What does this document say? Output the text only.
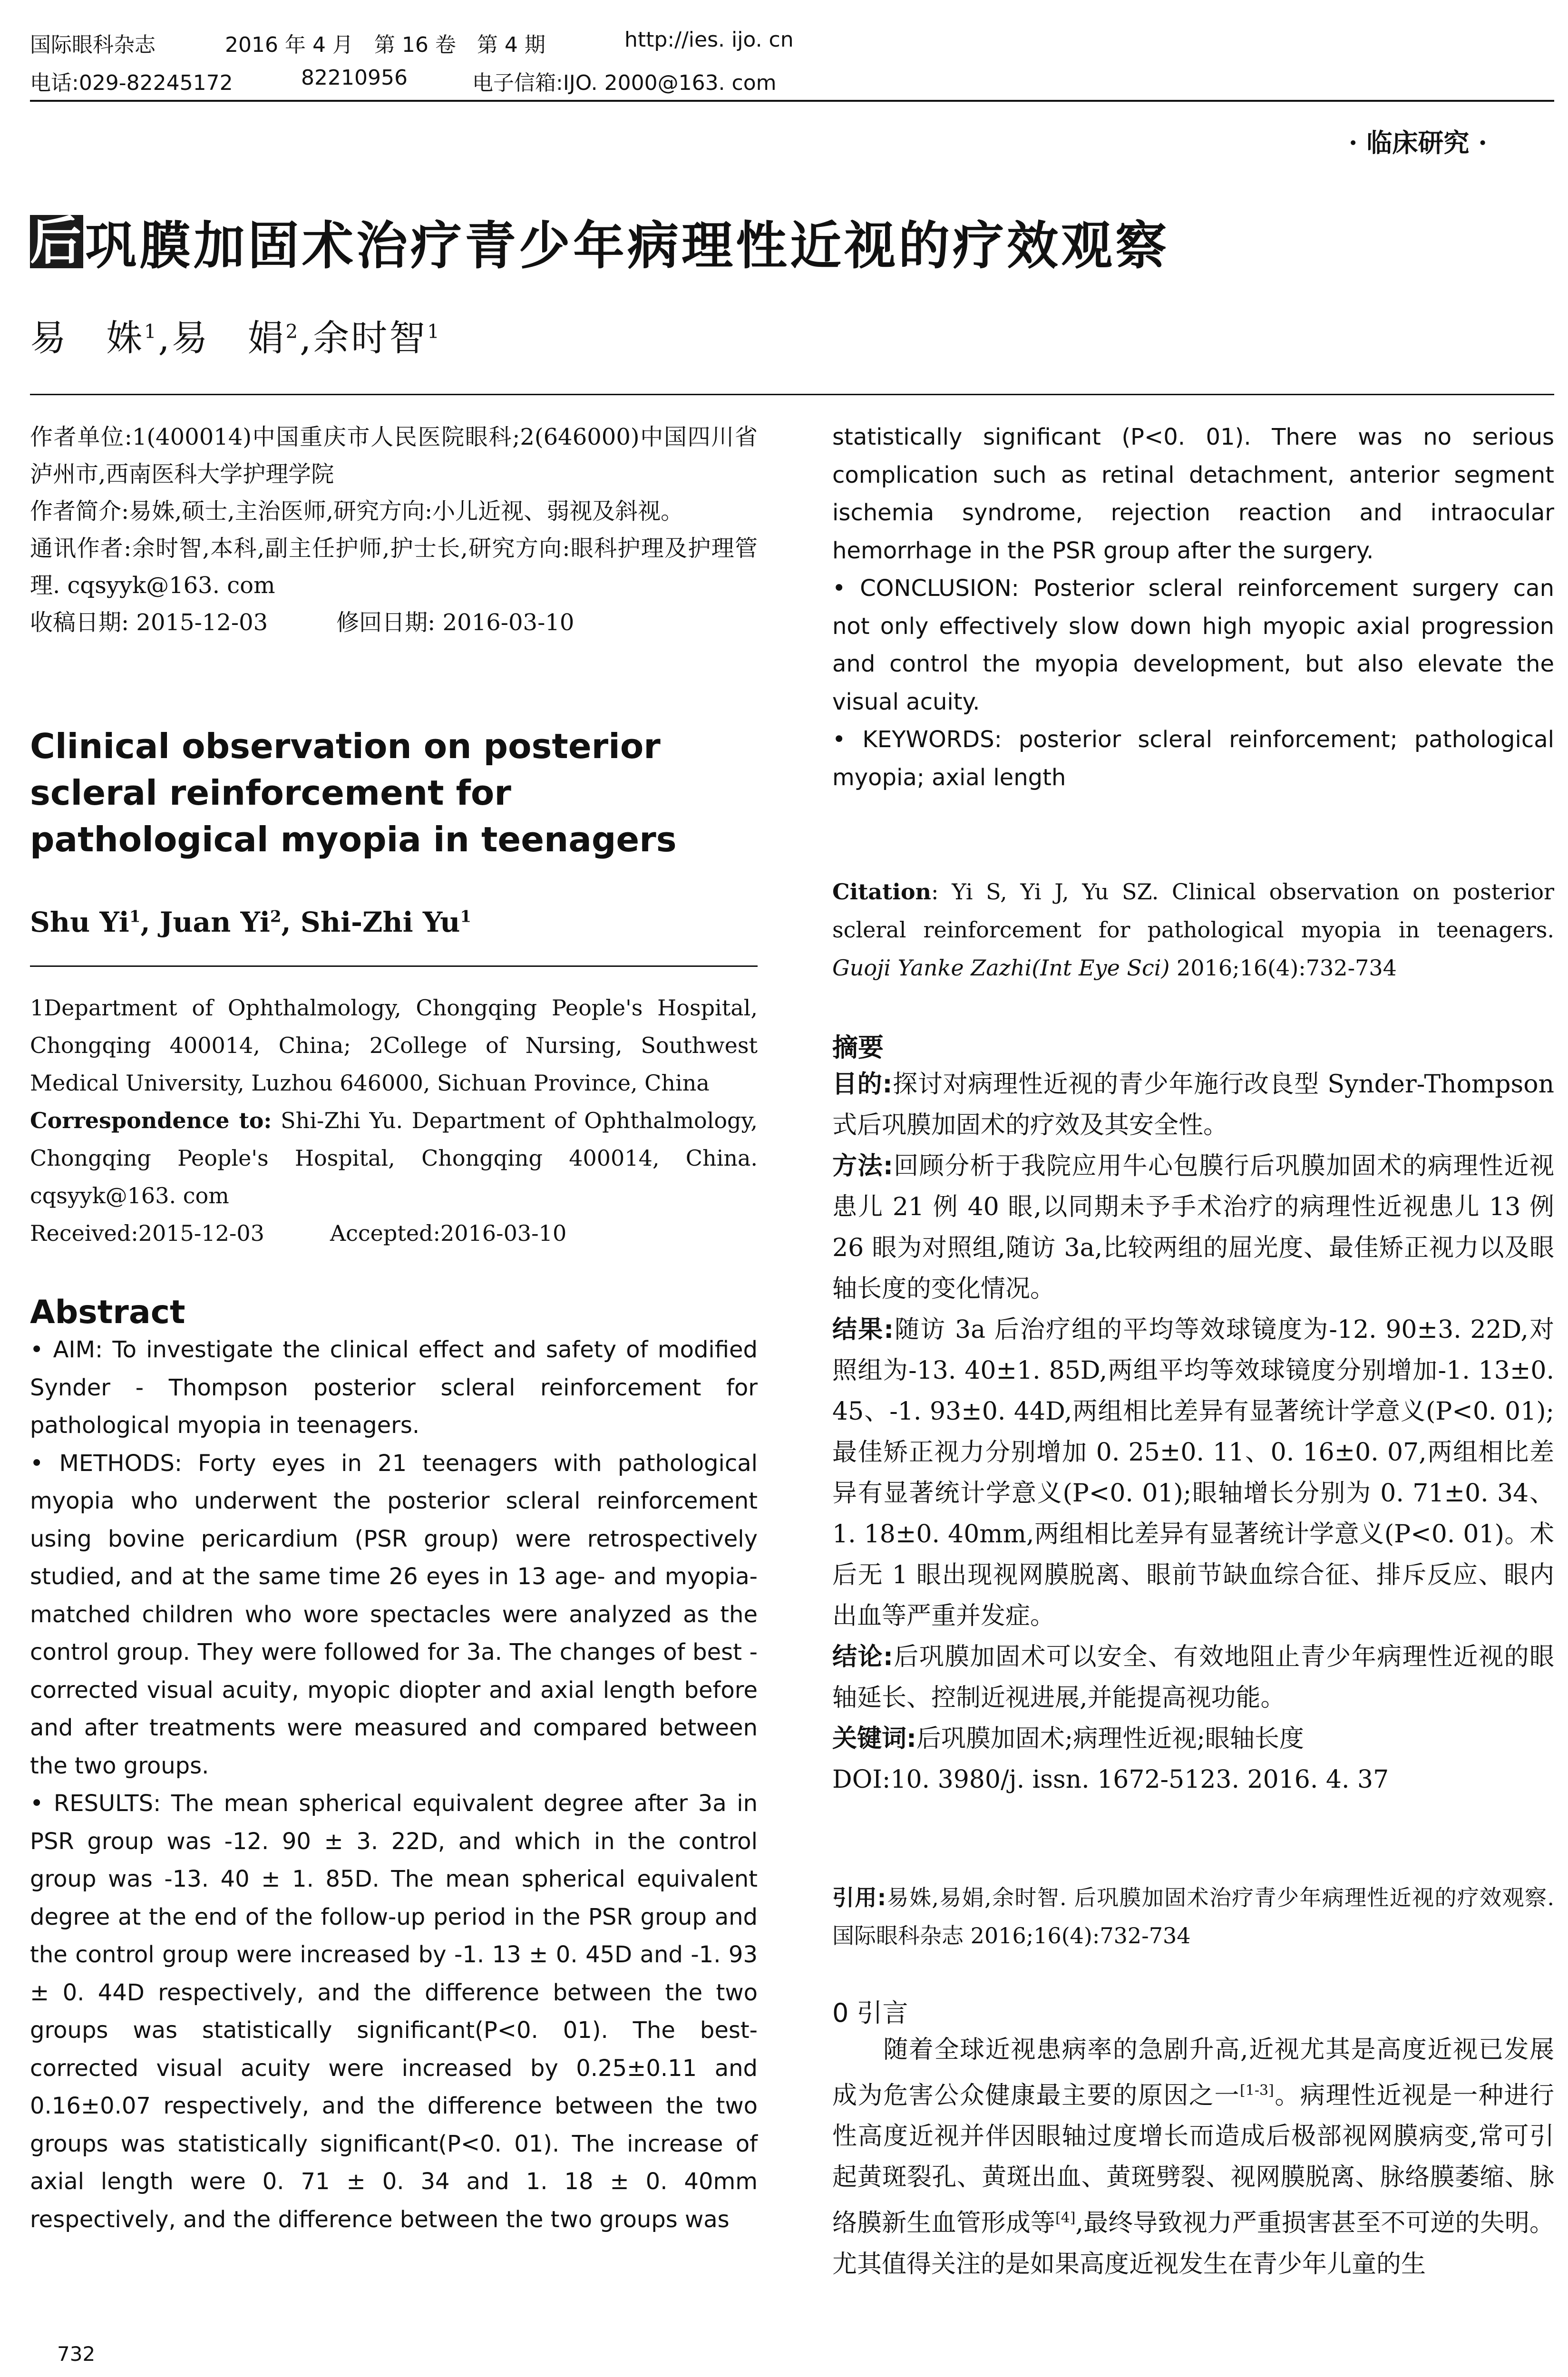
国际眼科杂志	2016 年 4 月　第 16 卷　第 4 期	http://ies. ijo. cn
电话:029-82245172	82210956	电子信箱:IJO. 2000@163. com
· 临床研究 ·
后 巩膜加固术治疗青少年病理性近视的疗效观察
易　姝$^1$,易　娟$^2$,余时智$^1$

作者单位:1(400014)中国重庆市人民医院眼科;2(646000)中国四川省泸州市,西南医科大学护理学院

作者简介:易姝,硕士,主治医师,研究方向:小儿近视、弱视及斜视。

通讯作者:余时智,本科,副主任护师,护士长,研究方向:眼科护理及护理管理. cqsyyk@163. com

收稿日期: 2015-12-03　　　修回日期: 2016-03-10

Clinical observation on posterior scleral reinforcement for pathological myopia in teenagers
Shu Yi$^1$, Juan Yi$^2$, Shi-Zhi Yu$^1$

1Department of Ophthalmology, Chongqing People's Hospital, Chongqing 400014, China; 2College of Nursing, Southwest Medical University, Luzhou 646000, Sichuan Province, China

Correspondence to: Shi-Zhi Yu. Department of Ophthalmology, Chongqing People's Hospital, Chongqing 400014, China. cqsyyk@163. com

Received:2015-12-03　　　Accepted:2016-03-10

Abstract

• AIM: To investigate the clinical effect and safety of modified Synder - Thompson posterior scleral reinforcement for pathological myopia in teenagers.

• METHODS: Forty eyes in 21 teenagers with pathological myopia who underwent the posterior scleral reinforcement using bovine pericardium (PSR group) were retrospectively studied, and at the same time 26 eyes in 13 age- and myopia-matched children who wore spectacles were analyzed as the control group. They were followed for 3a. The changes of best - corrected visual acuity, myopic diopter and axial length before and after treatments were measured and compared between the two groups.

• RESULTS: The mean spherical equivalent degree after 3a in PSR group was -12. 90 ± 3. 22D, and which in the control group was -13. 40 ± 1. 85D. The mean spherical equivalent degree at the end of the follow-up period in the PSR group and the control group were increased by -1. 13 ± 0. 45D and -1. 93 ± 0. 44D respectively, and the difference between the two groups was statistically significant(P<0. 01). The best-corrected visual acuity were increased by 0.25±0.11 and 0.16±0.07 respectively, and the difference between the two groups was statistically significant(P<0. 01). The increase of axial length were 0. 71 ± 0. 34 and 1. 18 ± 0. 40mm respectively, and the difference between the two groups was

732

statistically significant (P<0. 01). There was no serious complication such as retinal detachment, anterior segment ischemia syndrome, rejection reaction and intraocular hemorrhage in the PSR group after the surgery.

• CONCLUSION: Posterior scleral reinforcement surgery can not only effectively slow down high myopic axial progression and control the myopia development, but also elevate the visual acuity.

• KEYWORDS: posterior scleral reinforcement; pathological myopia; axial length

Citation: Yi S, Yi J, Yu SZ. Clinical observation on posterior scleral reinforcement for pathological myopia in teenagers. Guoji Yanke Zazhi(Int Eye Sci) 2016;16(4):732-734
摘要

目的:探讨对病理性近视的青少年施行改良型 Synder-Thompson 式后巩膜加固术的疗效及其安全性。

方法:回顾分析于我院应用牛心包膜行后巩膜加固术的病理性近视患儿 21 例 40 眼,以同期未予手术治疗的病理性近视患儿 13 例 26 眼为对照组,随访 3a,比较两组的屈光度、最佳矫正视力以及眼轴长度的变化情况。

结果:随访 3a 后治疗组的平均等效球镜度为-12. 90±3. 22D,对照组为-13. 40±1. 85D,两组平均等效球镜度分别增加-1. 13±0. 45、-1. 93±0. 44D,两组相比差异有显著统计学意义(P<0. 01);最佳矫正视力分别增加 0. 25±0. 11、0. 16±0. 07,两组相比差异有显著统计学意义(P<0. 01);眼轴增长分别为 0. 71±0. 34、1. 18±0. 40mm,两组相比差异有显著统计学意义(P<0. 01)。术后无 1 眼出现视网膜脱离、眼前节缺血综合征、排斥反应、眼内出血等严重并发症。

结论:后巩膜加固术可以安全、有效地阻止青少年病理性近视的眼轴延长、控制近视进展,并能提高视功能。

关键词:后巩膜加固术;病理性近视;眼轴长度

DOI:10. 3980/j. issn. 1672-5123. 2016. 4. 37

引用:易姝,易娟,余时智. 后巩膜加固术治疗青少年病理性近视的疗效观察. 国际眼科杂志 2016;16(4):732-734
0 引言

　　随着全球近视患病率的急剧升高,近视尤其是高度近视已发展成为危害公众健康最主要的原因之一[1-3]。病理性近视是一种进行性高度近视并伴因眼轴过度增长而造成后极部视网膜病变,常可引起黄斑裂孔、黄斑出血、黄斑劈裂、视网膜脱离、脉络膜萎缩、脉络膜新生血管形成等[4],最终导致视力严重损害甚至不可逆的失明。尤其值得关注的是如果高度近视发生在青少年儿童的生
